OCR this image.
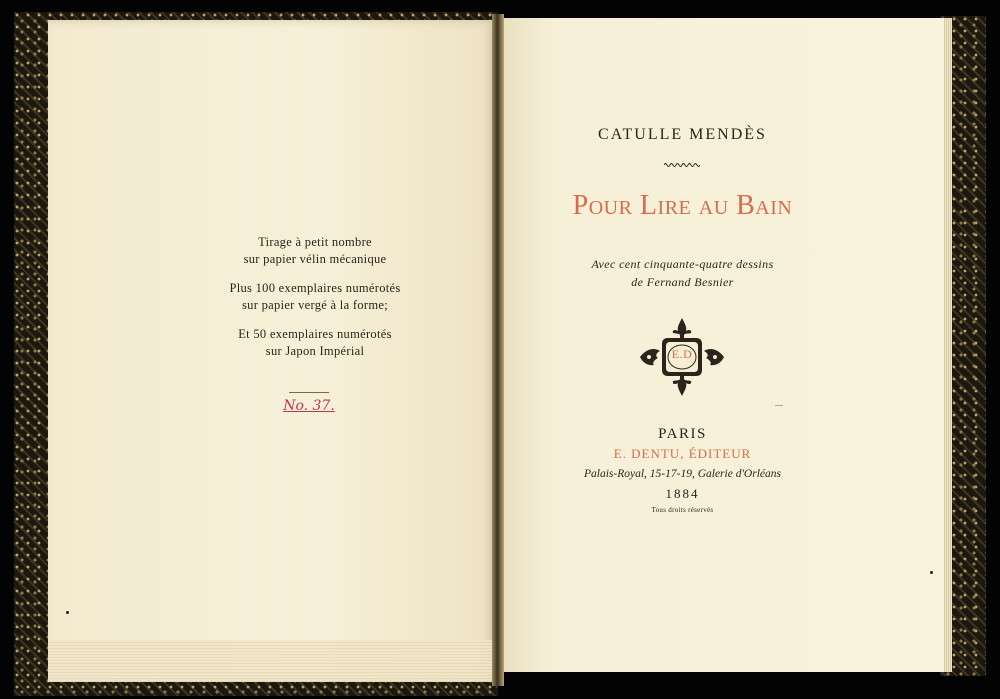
Tirage à petit nombre
sur papier vélin mécanique
Plus 100 exemplaires numérotés
sur papier vergé à la forme;
Et 50 exemplaires numérotés
sur Japon Impérial
No. 37.
CATULLE MENDÈS
Pour Lire au Bain
Avec cent cinquante-quatre dessins
de Fernand Besnier
E.D
PARIS
E. DENTU, ÉDITEUR
Palais-Royal, 15-17-19, Galerie d'Orléans
1884
Tous droits réservés
